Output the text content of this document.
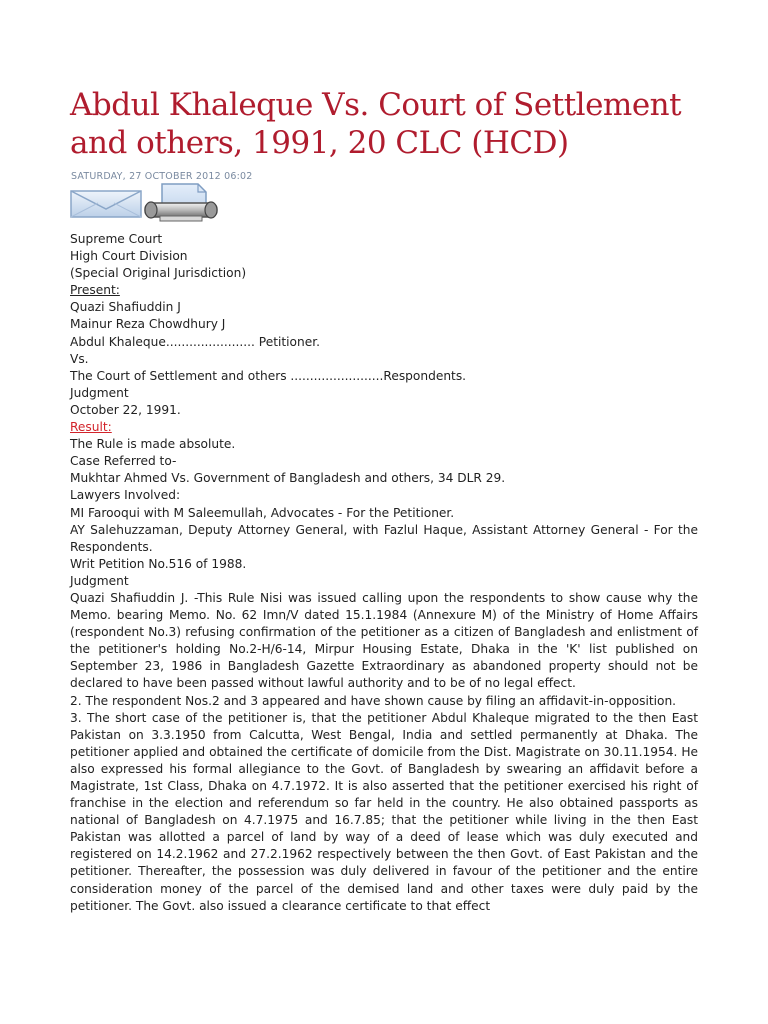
Abdul Khaleque Vs. Court of Settlement and others, 1991, 20 CLC (HCD)
SATURDAY, 27 OCTOBER 2012 06:02
Supreme Court
High Court Division
(Special Original Jurisdiction)
Present:
Quazi Shafiuddin J
Mainur Reza Chowdhury J
Abdul Khaleque....................... Petitioner.
Vs.
The Court of Settlement and others ........................Respondents.
Judgment
October 22, 1991.
Result:
The Rule is made absolute.
Case Referred to-
Mukhtar Ahmed Vs. Government of Bangladesh and others, 34 DLR 29.
Lawyers Involved:
MI Farooqui with M Saleemullah, Advocates - For the Petitioner.
AY Salehuzzaman, Deputy Attorney General, with Fazlul Haque, Assistant Attorney General - For the Respondents.
Writ Petition No.516 of 1988.
Judgment

Quazi Shafiuddin J. -This Rule Nisi was issued calling upon the respondents to show cause why the Memo. bearing Memo. No. 62 Imn/V dated 15.1.1984 (Annexure M) of the Ministry of Home Affairs (respondent No.3) refusing confirmation of the petitioner as a citizen of Bangladesh and enlistment of the petitioner's holding No.2-H/6-14, Mirpur Housing Estate, Dhaka in the 'K' list published on September 23, 1986 in Bangladesh Gazette Extraordinary as abandoned property should not be declared to have been passed without lawful authority and to be of no legal effect.

2. The respondent Nos.2 and 3 appeared and have shown cause by filing an affidavit-in-opposition.

3. The short case of the petitioner is, that the petitioner Abdul Khaleque migrated to the then East Pakistan on 3.3.1950 from Calcutta, West Bengal, India and settled permanently at Dhaka. The petitioner applied and obtained the certificate of domicile from the Dist. Magistrate on 30.11.1954. He also expressed his formal allegiance to the Govt. of Bangladesh by swearing an affidavit before a Magistrate, 1st Class, Dhaka on 4.7.1972. It is also asserted that the petitioner exercised his right of franchise in the election and referendum so far held in the country. He also obtained passports as national of Bangladesh on 4.7.1975 and 16.7.85; that the petitioner while living in the then East Pakistan was allotted a parcel of land by way of a deed of lease which was duly executed and registered on 14.2.1962 and 27.2.1962 respectively between the then Govt. of East Pakistan and the petitioner. Thereafter, the possession was duly delivered in favour of the petitioner and the entire consideration money of the parcel of the demised land and other taxes were duly paid by the petitioner. The Govt. also issued a clearance certificate to that effect
